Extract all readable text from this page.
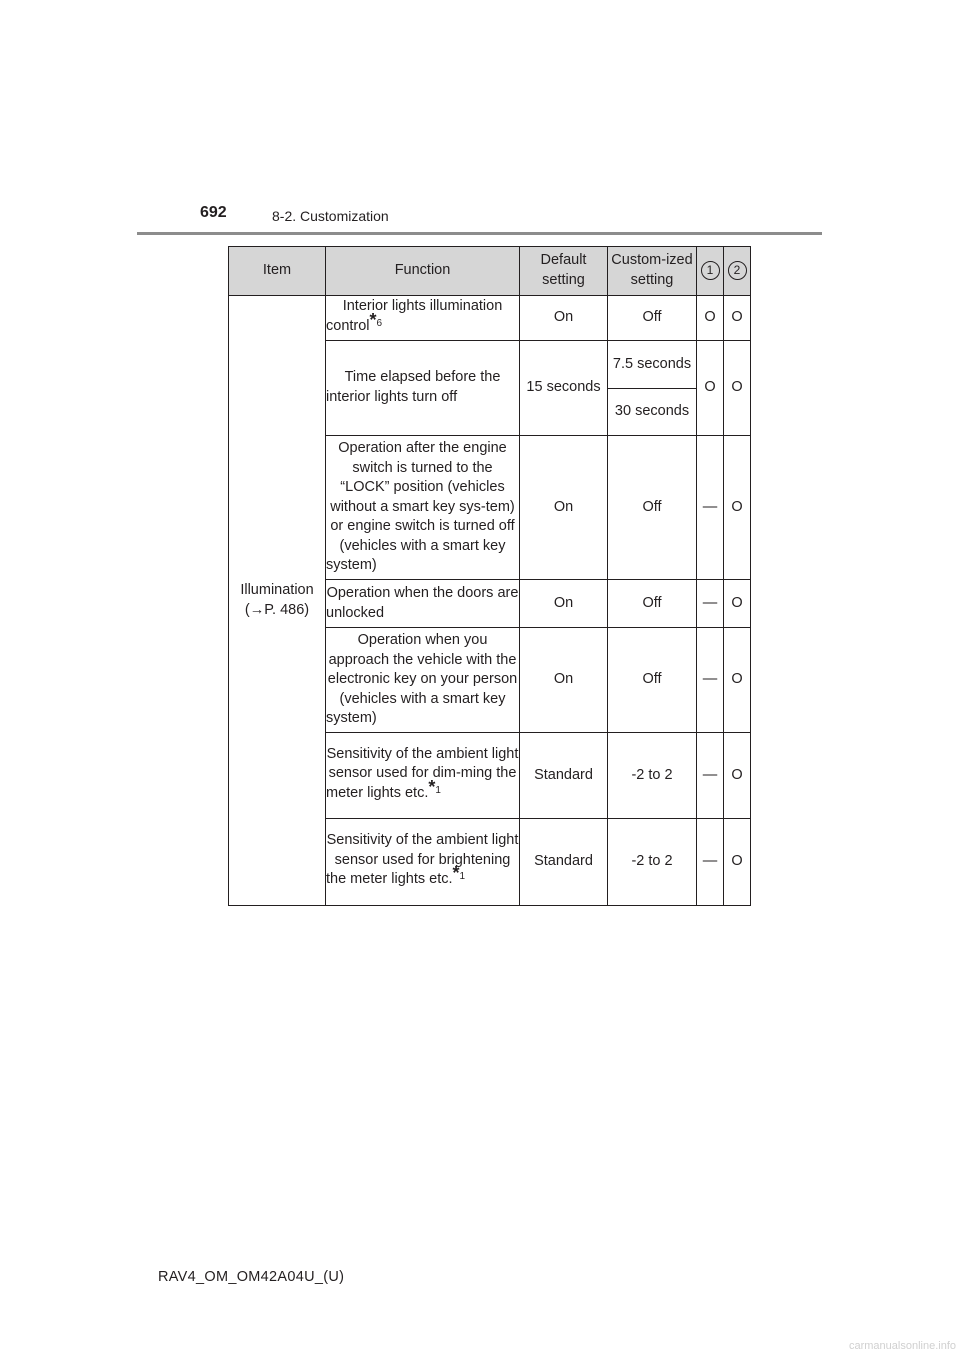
692	8-2. Customization
Item	Function	Default setting	Custom-ized setting	1	2

Illumination
(→P. 486)	Interior lights illumination control$^{*6}$	On	Off	O	O
	Time elapsed before the interior lights turn off	15 seconds	7.5 seconds	O	O
			30 seconds		
	Operation after the engine switch is turned to the “LOCK” position (vehicles without a smart key sys-tem) or engine switch is turned off (vehicles with a smart key system)	On	Off	—	O
	Operation when the doors are unlocked	On	Off	—	O
	Operation when you approach the vehicle with the electronic key on your person (vehicles with a smart key system)	On	Off	—	O
	Sensitivity of the ambient light sensor used for dim-ming the meter lights etc.$^{*1}$	Standard	-2 to 2	—	O
	Sensitivity of the ambient light sensor used for brightening the meter lights etc.$^{*1}$	Standard	-2 to 2	—	O
RAV4_OM_OM42A04U_(U)
carmanualsonline.info
